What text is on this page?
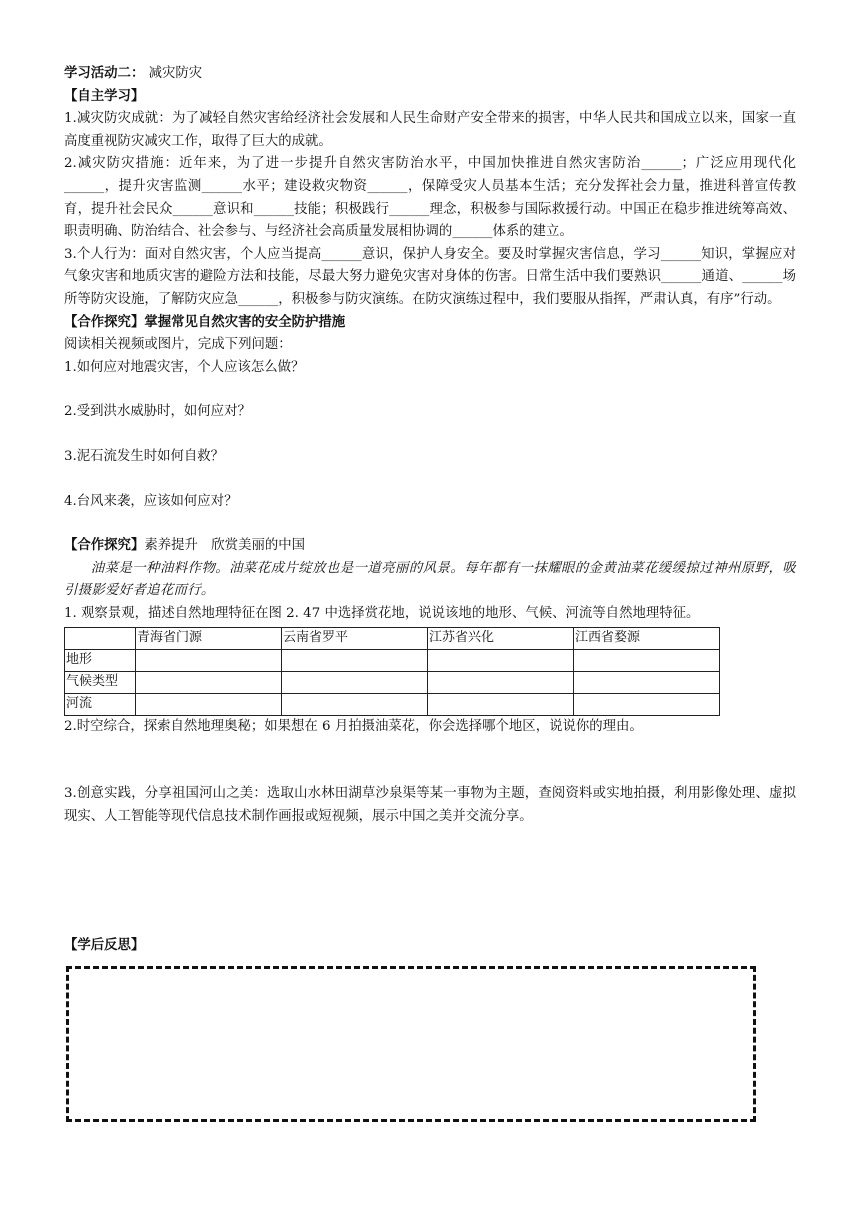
学习活动二： 减灾防灾
【自主学习】
1.减灾防灾成就：为了减轻自然灾害给经济社会发展和人民生命财产安全带来的损害，中华人民共和国成立以来，国家一直高度重视防灾减灾工作，取得了巨大的成就。
2.减灾防灾措施：近年来，为了进一步提升自然灾害防治水平，中国加快推进自然灾害防治______；广泛应用现代化______，提升灾害监测______水平；建设救灾物资______，保障受灾人员基本生活；充分发挥社会力量，推进科普宣传教育，提升社会民众______意识和______技能；积极践行______理念，积极参与国际救援行动。中国正在稳步推进统筹高效、职责明确、防治结合、社会参与、与经济社会高质量发展相协调的______体系的建立。
3.个人行为：面对自然灾害，个人应当提高______意识，保护人身安全。要及时掌握灾害信息，学习______知识，掌握应对气象灾害和地质灾害的避险方法和技能，尽最大努力避免灾害对身体的伤害。日常生活中我们要熟识______通道、______场所等防灾设施，了解防灾应急______，积极参与防灾演练。在防灾演练过程中，我们要服从指挥，严肃认真，有序”行动。
【合作探究】掌握常见自然灾害的安全防护措施
阅读相关视频或图片，完成下列问题：
1.如何应对地震灾害，个人应该怎么做？
2.受到洪水威胁时，如何应对？
3.泥石流发生时如何自救？
4.台风来袭，应该如何应对？
【合作探究】素养提升　欣赏美丽的中国
油菜是一种油料作物。油菜花成片绽放也是一道亮丽的风景。每年都有一抹耀眼的金黄油菜花缓缓掠过神州原野，吸引摄影爱好者追花而行。
1. 观察景观，描述自然地理特征在图 2. 47 中选择赏花地，说说该地的地形、气候、河流等自然地理特征。
	青海省门源	云南省罗平	江苏省兴化	江西省婺源
地形				
气候类型				
河流				
2.时空综合，探索自然地理奥秘；如果想在 6 月拍摄油菜花，你会选择哪个地区，说说你的理由。
3.创意实践，分享祖国河山之美：选取山水林田湖草沙泉渠等某一事物为主题，查阅资料或实地拍摄，利用影像处理、虚拟现实、人工智能等现代信息技术制作画报或短视频，展示中国之美并交流分享。
【学后反思】
